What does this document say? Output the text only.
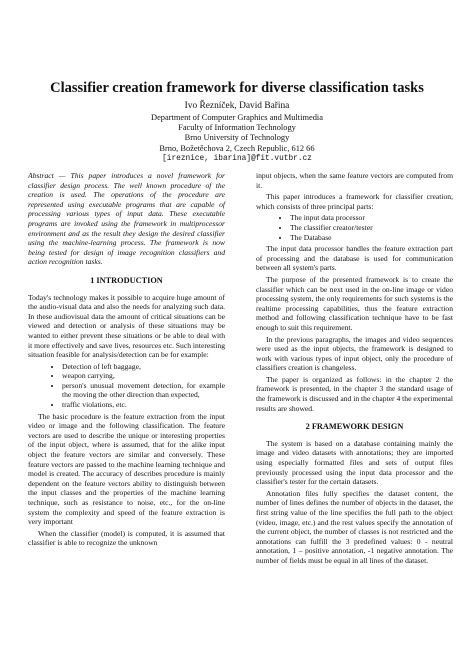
Classifier creation framework for diverse classification tasks
Ivo Řezníček, David Bařina
Department of Computer Graphics and Multimedia
Faculty of Information Technology
Brno University of Technology
Brno, Božetěchova 2, Czech Republic, 612 66
[ireznice, ibarina]@fit.vutbr.cz

Abstract — This paper introduces a novel framework for classifier design process. The well known procedure of the creation is used. The operations of the procedure are represented using executable programs that are capable of processing various types of input data. These executable programs are invoked using the framework in multiprocessor environment and as the result they design the desired classifier using the machine-learning process. The framework is now being tested for design of image recognition classifiers and action recognition tasks.

1 INTRODUCTION

Today's technology makes it possible to acquire huge amount of the audio-visual data and also the needs for analyzing such data. In these audiovisual data the amount of critical situations can be viewed and detection or analysis of these situations may be wanted to either prevent these situations or be able to deal with it more effectively and save lives, resources etc. Such interesting situation feasible for analysis/detection can be for example:

• Detection of left baggage,
• weapon carrying,
• person's unusual movement detection, for example the moving the other direction than expected,
• traffic violations, etc.

The basic procedure is the feature extraction from the input video or image and the following classification. The feature vectors are used to describe the unique or interesting properties of the input object, where is assumed, that for the alike input object the feature vectors are similar and conversely. These feature vectors are passed to the machine learning technique and model is created. The accuracy of describes procedure is mainly dependent on the feature vectors ability to distinguish between the input classes and the properties of the machine learning technique, such as resistance to noise, etc., for the on-line system the complexity and speed of the feature extraction is very important

When the classifier (model) is computed, it is assumed that classifier is able to recognize the unknown

input objects, when the same feature vectors are computed from it.

This paper introduces a framework for classifier creation, which consists of three principal parts:

• The input data processor
• The classifier creator/tester
• The Database

The input data processor handles the feature extraction part of processing and the database is used for communication between all system's parts.

The purpose of the presented framework is to create the classifier which can be next used in the on-line image or video processing system, the only requirements for such systems is the realtime processing capabilities, thus the feature extraction method and following classification technique have to be fast enough to suit this requirement.

In the previous paragraphs, the images and video sequences were used as the input objects, the framework is designed to work with various types of input object, only the procedure of classifiers creation is changeless.

The paper is organized as follows: in the chapter 2 the framework is presented, in the chapter 3 the standard usage of the framework is discussed and in the chapter 4 the experimental results are showed.

2 FRAMEWORK DESIGN

The system is based on a database containing mainly the image and video datasets with annotations; they are imported using especially formatted files and sets of output files previously processed using the input data processor and the classifier's tester for the certain datasets.

Annotation files fully specifies the dataset content, the number of lines defines the number of objects in the dataset, the first string value of the line specifies the full path to the object (video, image, etc.) and the rest values specify the annotation of the current object, the number of classes is not restricted and the annotations can fulfill the 3 predefined values: 0 - neutral annotation, 1 – positive annotation, -1 negative annotation. The number of fields must be equal in all lines of the dataset.
